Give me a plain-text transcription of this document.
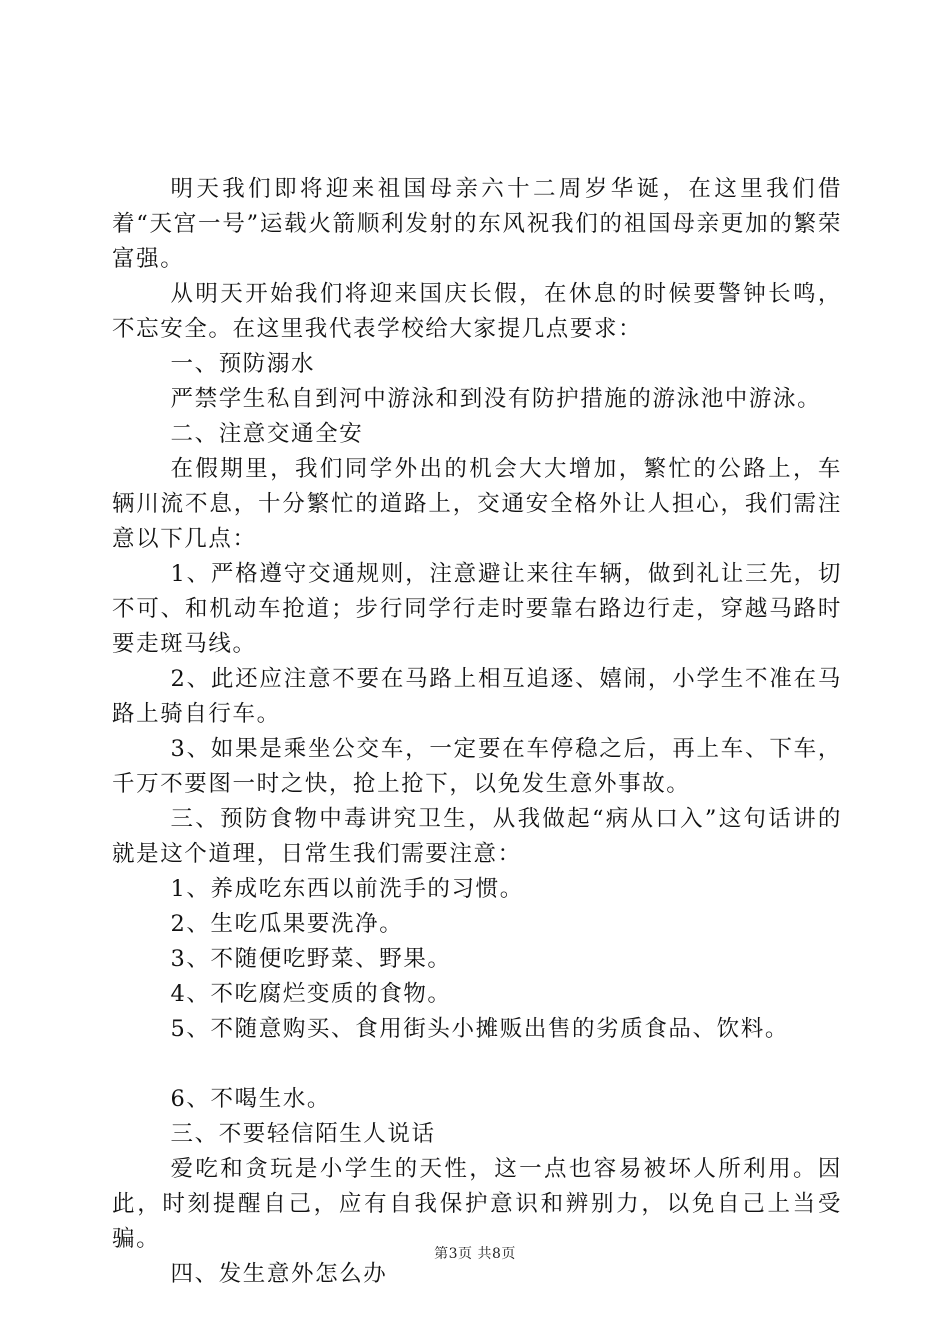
明天我们即将迎来祖国母亲六十二周岁华诞，在这里我们借着“天宫一号”运载火箭顺利发射的东风祝我们的祖国母亲更加的繁荣富强。

从明天开始我们将迎来国庆长假，在休息的时候要警钟长鸣，不忘安全。在这里我代表学校给大家提几点要求：

一、预防溺水

严禁学生私自到河中游泳和到没有防护措施的游泳池中游泳。

二、注意交通全安

在假期里，我们同学外出的机会大大增加，繁忙的公路上，车辆川流不息，十分繁忙的道路上，交通安全格外让人担心，我们需注意以下几点：

1、严格遵守交通规则，注意避让来往车辆，做到礼让三先，切不可、和机动车抢道；步行同学行走时要靠右路边行走，穿越马路时要走斑马线。

2、此还应注意不要在马路上相互追逐、嬉闹，小学生不准在马路上骑自行车。

3、如果是乘坐公交车，一定要在车停稳之后，再上车、下车，千万不要图一时之快，抢上抢下，以免发生意外事故。

三、预防食物中毒讲究卫生，从我做起“病从口入”这句话讲的就是这个道理，日常生我们需要注意：

1、养成吃东西以前洗手的习惯。

2、生吃瓜果要洗净。

3、不随便吃野菜、野果。

4、不吃腐烂变质的食物。

5、不随意购买、食用街头小摊贩出售的劣质食品、饮料。

6、不喝生水。

三、不要轻信陌生人说话

爱吃和贪玩是小学生的天性，这一点也容易被坏人所利用。因此，时刻提醒自己，应有自我保护意识和辨别力，以免自己上当受骗。

四、发生意外怎么办

第3页 共8页
